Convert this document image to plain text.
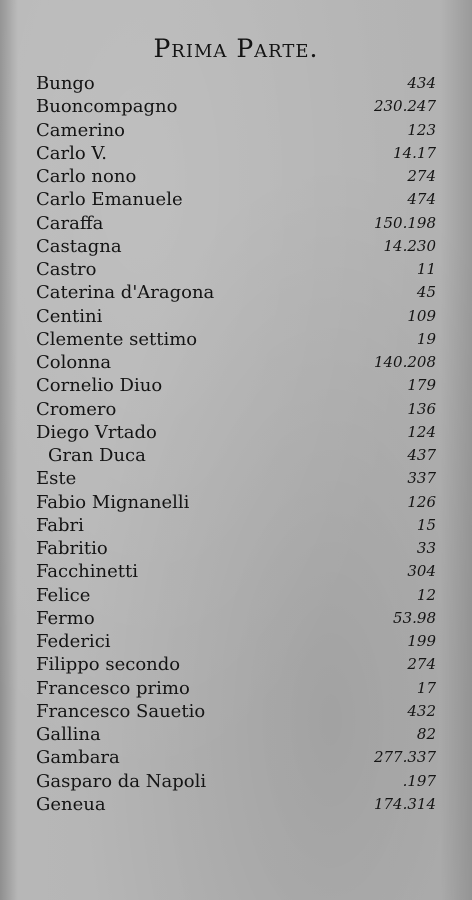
Prima Parte.
Bungo	434
Buoncompagno	230.247
Camerino	123
Carlo V.	14.17
Carlo nono	274
Carlo Emanuele	474
Caraffa	150.198
Castagna	14.230
Castro	11
Caterina d'Aragona	45
Centini	109
Clemente settimo	19
Colonna	140.208
Cornelio Diuo	179
Cromero	136
Diego Vrtado	124
Gran Duca	437
Este	337
Fabio Mignanelli	126
Fabri	15
Fabritio	33
Facchinetti	304
Felice	12
Fermo	53.98
Federici	199
Filippo secondo	274
Francesco primo	17
Francesco Sauetio	432
Gallina	82
Gambara	277.337
Gasparo da Napoli	.197
Geneua	174.314
